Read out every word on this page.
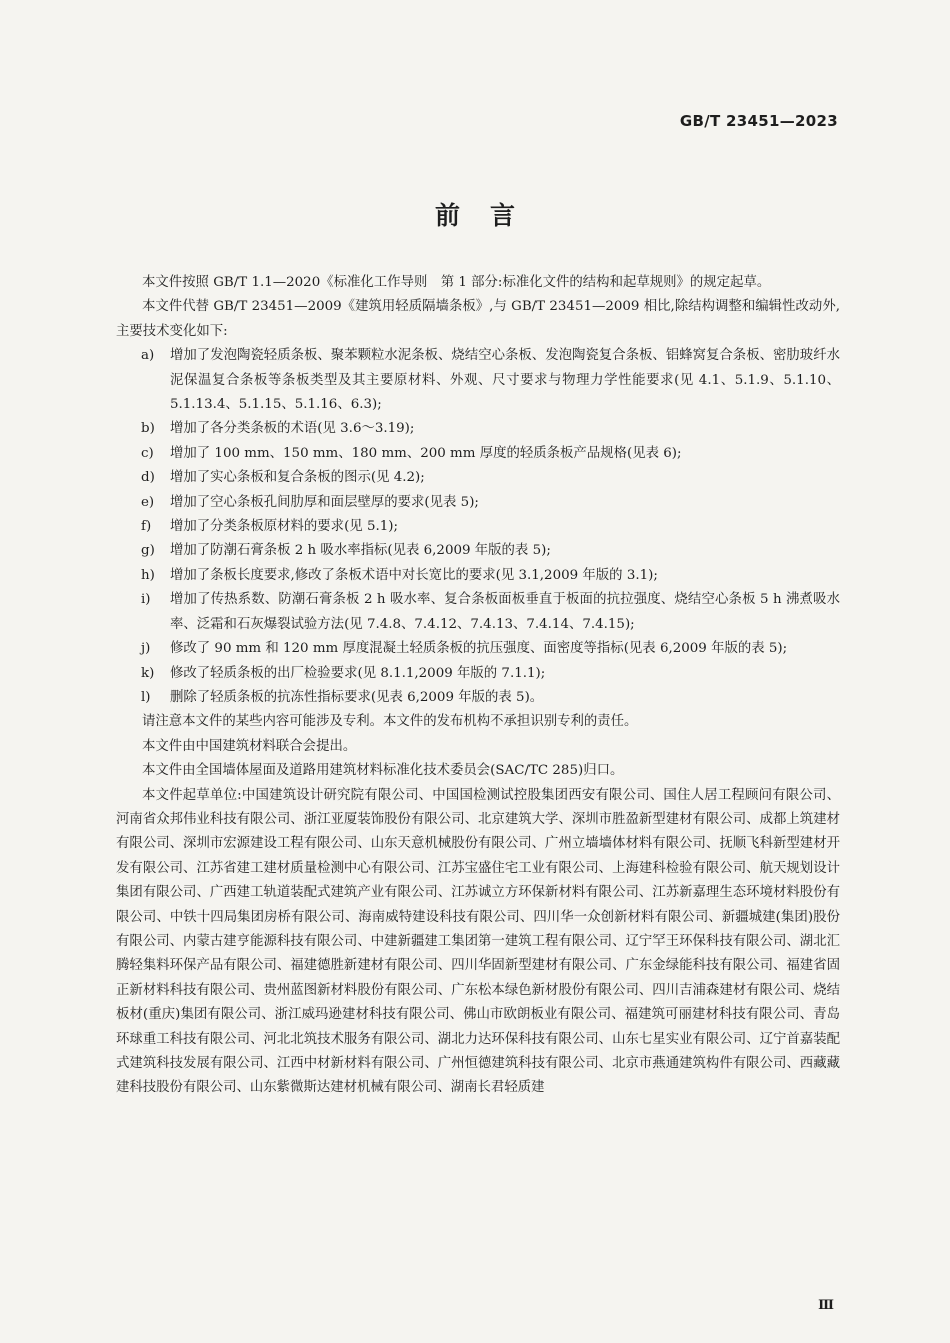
GB/T 23451—2023
前言

本文件按照 GB/T 1.1—2020《标准化工作导则　第 1 部分:标准化文件的结构和起草规则》的规定起草。

本文件代替 GB/T 23451—2009《建筑用轻质隔墙条板》,与 GB/T 23451—2009 相比,除结构调整和编辑性改动外,主要技术变化如下:

a) 增加了发泡陶瓷轻质条板、聚苯颗粒水泥条板、烧结空心条板、发泡陶瓷复合条板、铝蜂窝复合条板、密肋玻纤水泥保温复合条板等条板类型及其主要原材料、外观、尺寸要求与物理力学性能要求(见 4.1、5.1.9、5.1.10、5.1.13.4、5.1.15、5.1.16、6.3);

b) 增加了各分类条板的术语(见 3.6～3.19);

c) 增加了 100 mm、150 mm、180 mm、200 mm 厚度的轻质条板产品规格(见表 6);

d) 增加了实心条板和复合条板的图示(见 4.2);

e) 增加了空心条板孔间肋厚和面层壁厚的要求(见表 5);

f) 增加了分类条板原材料的要求(见 5.1);

g) 增加了防潮石膏条板 2 h 吸水率指标(见表 6,2009 年版的表 5);

h) 增加了条板长度要求,修改了条板术语中对长宽比的要求(见 3.1,2009 年版的 3.1);

i) 增加了传热系数、防潮石膏条板 2 h 吸水率、复合条板面板垂直于板面的抗拉强度、烧结空心条板 5 h 沸煮吸水率、泛霜和石灰爆裂试验方法(见 7.4.8、7.4.12、7.4.13、7.4.14、7.4.15);

j) 修改了 90 mm 和 120 mm 厚度混凝土轻质条板的抗压强度、面密度等指标(见表 6,2009 年版的表 5);

k) 修改了轻质条板的出厂检验要求(见 8.1.1,2009 年版的 7.1.1);

l) 删除了轻质条板的抗冻性指标要求(见表 6,2009 年版的表 5)。

请注意本文件的某些内容可能涉及专利。本文件的发布机构不承担识别专利的责任。

本文件由中国建筑材料联合会提出。

本文件由全国墙体屋面及道路用建筑材料标准化技术委员会(SAC/TC 285)归口。

本文件起草单位:中国建筑设计研究院有限公司、中国国检测试控股集团西安有限公司、国住人居工程顾问有限公司、河南省众邦伟业科技有限公司、浙江亚厦装饰股份有限公司、北京建筑大学、深圳市胜盈新型建材有限公司、成都上筑建材有限公司、深圳市宏源建设工程有限公司、山东天意机械股份有限公司、广州立墙墙体材料有限公司、抚顺飞科新型建材开发有限公司、江苏省建工建材质量检测中心有限公司、江苏宝盛住宅工业有限公司、上海建科检验有限公司、航天规划设计集团有限公司、广西建工轨道装配式建筑产业有限公司、江苏诚立方环保新材料有限公司、江苏新嘉理生态环境材料股份有限公司、中铁十四局集团房桥有限公司、海南威特建设科技有限公司、四川华一众创新材料有限公司、新疆城建(集团)股份有限公司、内蒙古建亨能源科技有限公司、中建新疆建工集团第一建筑工程有限公司、辽宁罕王环保科技有限公司、湖北汇腾轻集料环保产品有限公司、福建德胜新建材有限公司、四川华固新型建材有限公司、广东金绿能科技有限公司、福建省固正新材料科技有限公司、贵州蓝图新材料股份有限公司、广东松本绿色新材股份有限公司、四川吉浦森建材有限公司、烧结板材(重庆)集团有限公司、浙江威玛逊建材科技有限公司、佛山市欧朗板业有限公司、福建筑可丽建材科技有限公司、青岛环球重工科技有限公司、河北北筑技术服务有限公司、湖北力达环保科技有限公司、山东七星实业有限公司、辽宁首嘉装配式建筑科技发展有限公司、江西中材新材料有限公司、广州恒德建筑科技有限公司、北京市燕通建筑构件有限公司、西藏藏建科技股份有限公司、山东紫微斯达建材机械有限公司、湖南长君轻质建

Ⅲ
